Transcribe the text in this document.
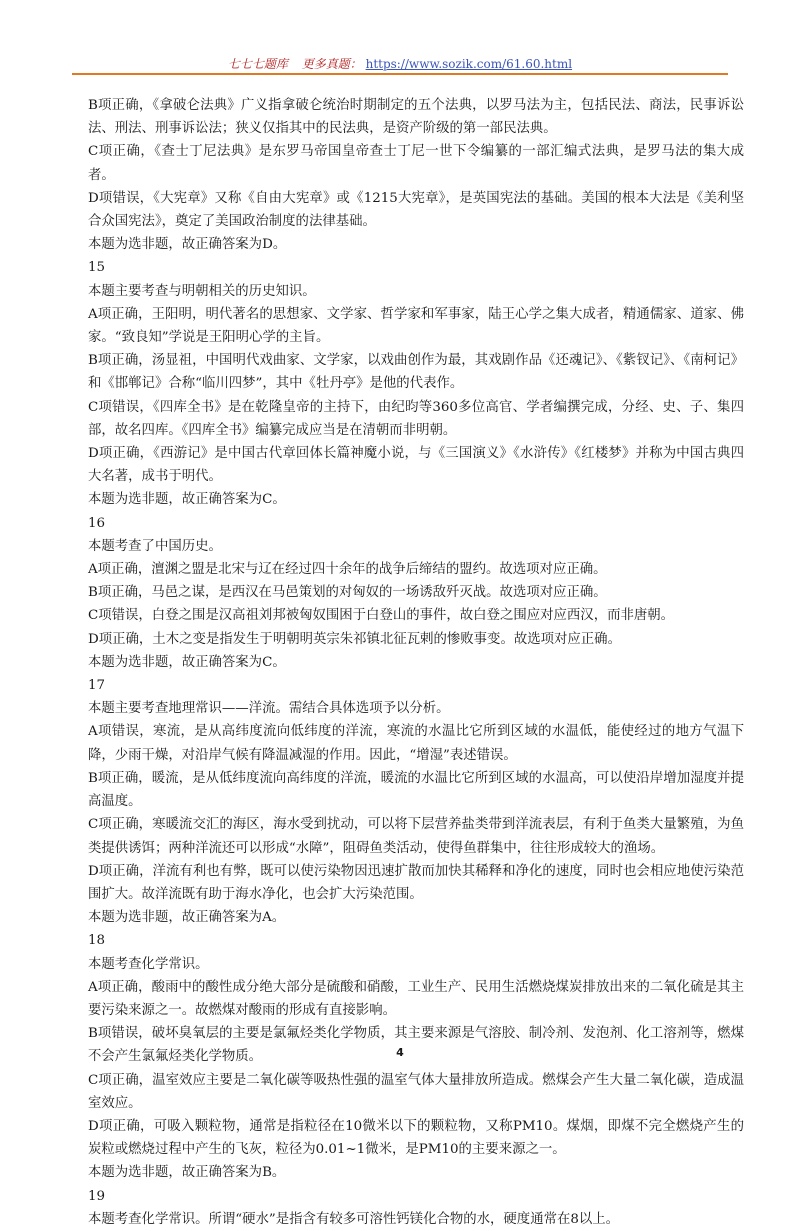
七七七题库 更多真题： https://www.sozik.com/61.60.html

B项正确，《拿破仑法典》广义指拿破仑统治时期制定的五个法典，以罗马法为主，包括民法、商法，民事诉讼法、刑法、刑事诉讼法；狭义仅指其中的民法典，是资产阶级的第一部民法典。

C项正确，《查士丁尼法典》是东罗马帝国皇帝查士丁尼一世下令编纂的一部汇编式法典，是罗马法的集大成者。

D项错误，《大宪章》又称《自由大宪章》或《1215大宪章》，是英国宪法的基础。美国的根本大法是《美利坚合众国宪法》，奠定了美国政治制度的法律基础。

本题为选非题，故正确答案为D。

15

本题主要考查与明朝相关的历史知识。

A项正确，王阳明，明代著名的思想家、文学家、哲学家和军事家，陆王心学之集大成者，精通儒家、道家、佛家。“致良知”学说是王阳明心学的主旨。

B项正确，汤显祖，中国明代戏曲家、文学家，以戏曲创作为最，其戏剧作品《还魂记》、《紫钗记》、《南柯记》和《邯郸记》合称“临川四梦”，其中《牡丹亭》是他的代表作。

C项错误，《四库全书》是在乾隆皇帝的主持下，由纪昀等360多位高官、学者编撰完成，分经、史、子、集四部，故名四库。《四库全书》编纂完成应当是在清朝而非明朝。

D项正确，《西游记》是中国古代章回体长篇神魔小说，与《三国演义》《水浒传》《红楼梦》并称为中国古典四大名著，成书于明代。

本题为选非题，故正确答案为C。

16

本题考查了中国历史。

A项正确，澶渊之盟是北宋与辽在经过四十余年的战争后缔结的盟约。故选项对应正确。

B项正确，马邑之谋，是西汉在马邑策划的对匈奴的一场诱敌歼灭战。故选项对应正确。

C项错误，白登之围是汉高祖刘邦被匈奴围困于白登山的事件，故白登之围应对应西汉，而非唐朝。

D项正确，土木之变是指发生于明朝明英宗朱祁镇北征瓦剌的惨败事变。故选项对应正确。

本题为选非题，故正确答案为C。

17

本题主要考查地理常识——洋流。需结合具体选项予以分析。

A项错误，寒流，是从高纬度流向低纬度的洋流，寒流的水温比它所到区域的水温低，能使经过的地方气温下降，少雨干燥，对沿岸气候有降温减湿的作用。因此，“增湿”表述错误。

B项正确，暖流，是从低纬度流向高纬度的洋流，暖流的水温比它所到区域的水温高，可以使沿岸增加湿度并提高温度。

C项正确，寒暖流交汇的海区，海水受到扰动，可以将下层营养盐类带到洋流表层，有利于鱼类大量繁殖，为鱼类提供诱饵；两种洋流还可以形成“水障”，阻碍鱼类活动，使得鱼群集中，往往形成较大的渔场。

D项正确，洋流有利也有弊，既可以使污染物因迅速扩散而加快其稀释和净化的速度，同时也会相应地使污染范围扩大。故洋流既有助于海水净化，也会扩大污染范围。

本题为选非题，故正确答案为A。

18

本题考查化学常识。

A项正确，酸雨中的酸性成分绝大部分是硫酸和硝酸，工业生产、民用生活燃烧煤炭排放出来的二氧化硫是其主要污染来源之一。故燃煤对酸雨的形成有直接影响。

B项错误，破坏臭氧层的主要是氯氟烃类化学物质，其主要来源是气溶胶、制冷剂、发泡剂、化工溶剂等，燃煤不会产生氯氟烃类化学物质。

C项正确，温室效应主要是二氧化碳等吸热性强的温室气体大量排放所造成。燃煤会产生大量二氧化碳，造成温室效应。

D项正确，可吸入颗粒物，通常是指粒径在10微米以下的颗粒物，又称PM10。煤烟，即煤不完全燃烧产生的炭粒或燃烧过程中产生的飞灰，粒径为0.01~1微米，是PM10的主要来源之一。

本题为选非题，故正确答案为B。

19

本题考查化学常识。所谓“硬水”是指含有较多可溶性钙镁化合物的水，硬度通常在8以上。

4
